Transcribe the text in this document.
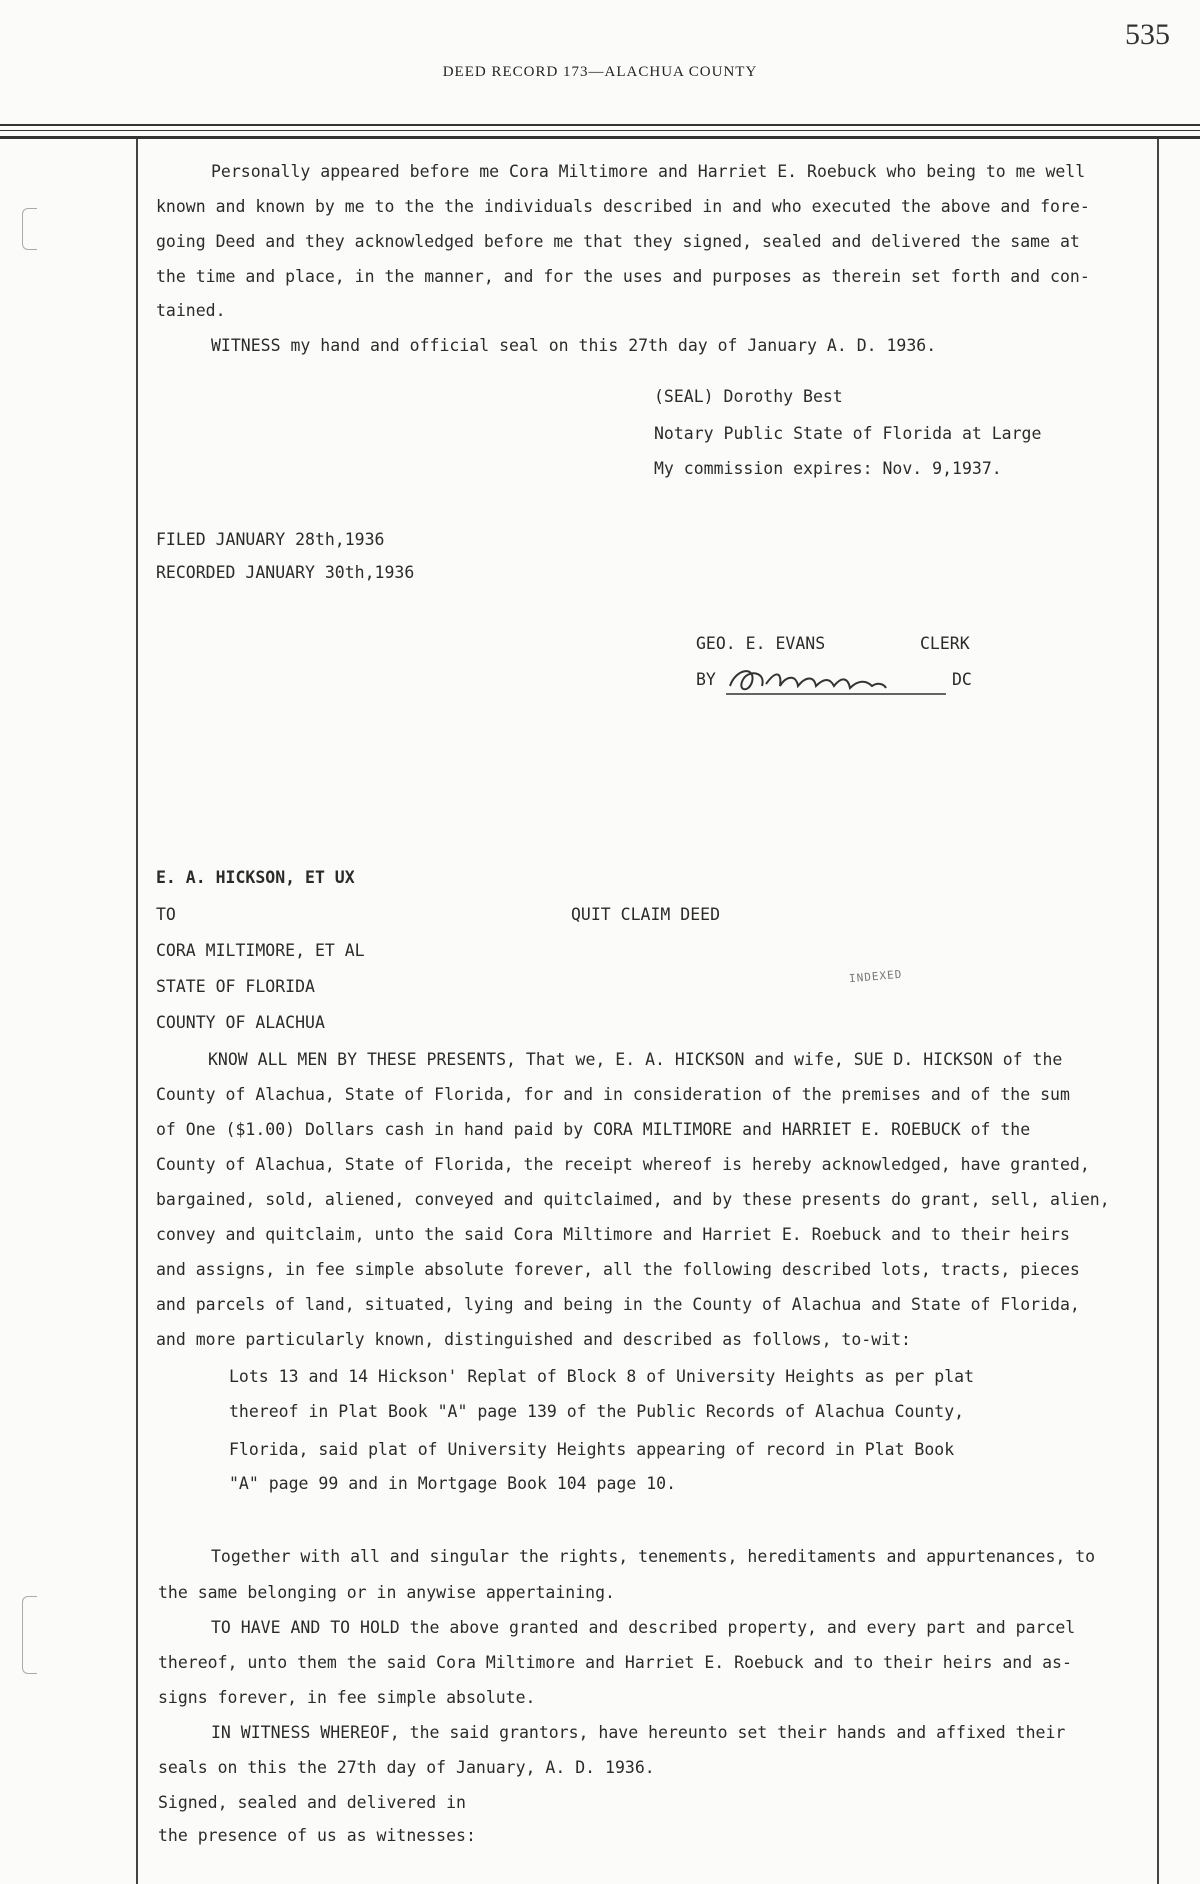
535
DEED RECORD 173—ALACHUA COUNTY
Personally appeared before me Cora Miltimore and Harriet E. Roebuck who being to me well
known and known by me to the the individuals described in and who executed the above and fore-
going Deed and they acknowledged before me that they signed, sealed and delivered the same at
the time and place, in the manner, and for the uses and purposes as therein set forth and con-
tained.
WITNESS my hand and official seal on this 27th day of January A. D. 1936.
(SEAL) Dorothy Best
Notary Public State of Florida at Large
My commission expires: Nov. 9,1937.
FILED JANUARY 28th,1936
RECORDED JANUARY 30th,1936
GEO. E. EVANS	CLERK
BY	DC
E. A. HICKSON, ET UX
TO	QUIT CLAIM DEED
CORA MILTIMORE, ET AL
STATE OF FLORIDA
COUNTY OF ALACHUA
INDEXED
KNOW ALL MEN BY THESE PRESENTS, That we, E. A. HICKSON and wife, SUE D. HICKSON of the
County of Alachua, State of Florida, for and in consideration of the premises and of the sum
of One ($1.00) Dollars cash in hand paid by CORA MILTIMORE and HARRIET E. ROEBUCK of the
County of Alachua, State of Florida, the receipt whereof is hereby acknowledged, have granted,
bargained, sold, aliened, conveyed and quitclaimed, and by these presents do grant, sell, alien,
convey and quitclaim, unto the said Cora Miltimore and Harriet E. Roebuck and to their heirs
and assigns, in fee simple absolute forever, all the following described lots, tracts, pieces
and parcels of land, situated, lying and being in the County of Alachua and State of Florida,
and more particularly known, distinguished and described as follows, to-wit:
Lots 13 and 14 Hickson' Replat of Block 8 of University Heights as per plat
thereof in Plat Book "A" page 139 of the Public Records of Alachua County,
Florida, said plat of University Heights appearing of record in Plat Book
"A" page 99 and in Mortgage Book 104 page 10.
Together with all and singular the rights, tenements, hereditaments and appurtenances, to
the same belonging or in anywise appertaining.
TO HAVE AND TO HOLD the above granted and described property, and every part and parcel
thereof, unto them the said Cora Miltimore and Harriet E. Roebuck and to their heirs and as-
signs forever, in fee simple absolute.
IN WITNESS WHEREOF, the said grantors, have hereunto set their hands and affixed their
seals on this the 27th day of January, A. D. 1936.
Signed, sealed and delivered in
the presence of us as witnesses:
